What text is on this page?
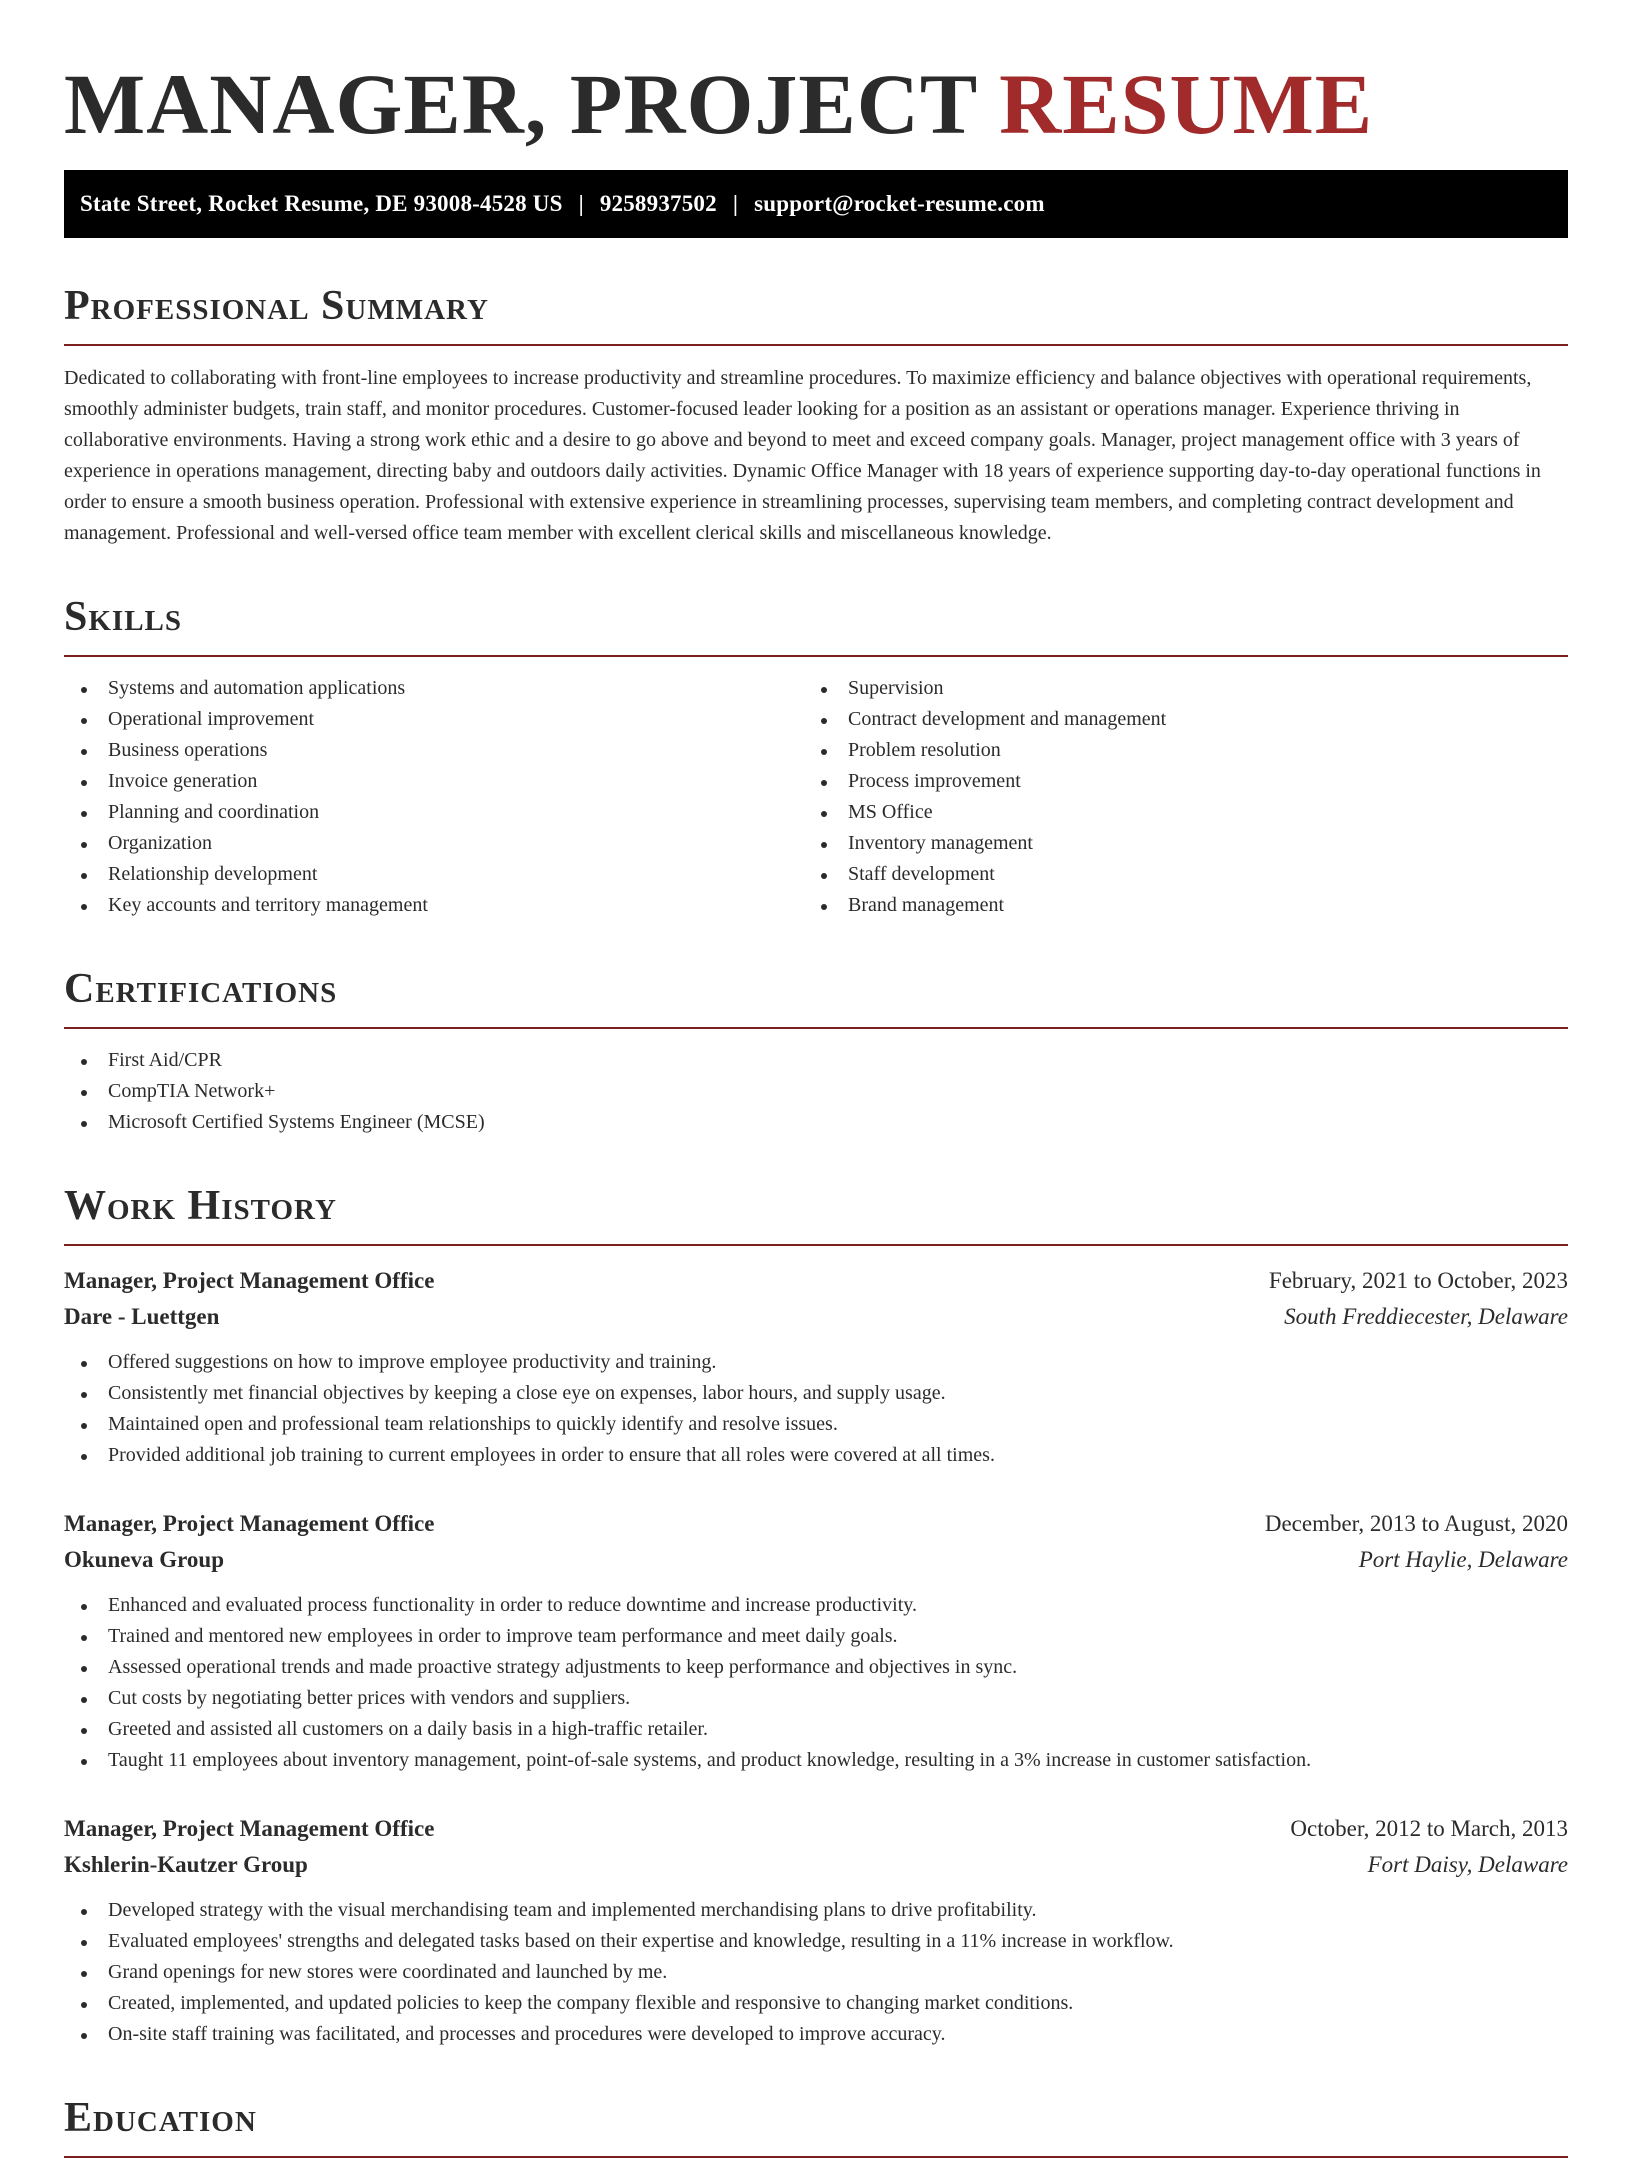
MANAGER, PROJECT RESUME
State Street, Rocket Resume, DE 93008-4528 US | 9258937502 | support@rocket-resume.com
Professional Summary

Dedicated to collaborating with front-line employees to increase productivity and streamline procedures. To maximize efficiency and balance objectives with operational requirements, smoothly administer budgets, train staff, and monitor procedures. Customer-focused leader looking for a position as an assistant or operations manager. Experience thriving in collaborative environments. Having a strong work ethic and a desire to go above and beyond to meet and exceed company goals. Manager, project management office with 3 years of experience in operations management, directing baby and outdoors daily activities. Dynamic Office Manager with 18 years of experience supporting day-to-day operational functions in order to ensure a smooth business operation. Professional with extensive experience in streamlining processes, supervising team members, and completing contract development and management. Professional and well-versed office team member with excellent clerical skills and miscellaneous knowledge.

Skills
Systems and automation applications
Operational improvement
Business operations
Invoice generation
Planning and coordination
Organization
Relationship development
Key accounts and territory management
Supervision
Contract development and management
Problem resolution
Process improvement
MS Office
Inventory management
Staff development
Brand management
Certifications
First Aid/CPR
CompTIA Network+
Microsoft Certified Systems Engineer (MCSE)
Work History
Manager, Project Management Office	February, 2021 to October, 2023
Dare - Luettgen	South Freddiecester, Delaware
Offered suggestions on how to improve employee productivity and training.
Consistently met financial objectives by keeping a close eye on expenses, labor hours, and supply usage.
Maintained open and professional team relationships to quickly identify and resolve issues.
Provided additional job training to current employees in order to ensure that all roles were covered at all times.
Manager, Project Management Office	December, 2013 to August, 2020
Okuneva Group	Port Haylie, Delaware
Enhanced and evaluated process functionality in order to reduce downtime and increase productivity.
Trained and mentored new employees in order to improve team performance and meet daily goals.
Assessed operational trends and made proactive strategy adjustments to keep performance and objectives in sync.
Cut costs by negotiating better prices with vendors and suppliers.
Greeted and assisted all customers on a daily basis in a high-traffic retailer.
Taught 11 employees about inventory management, point-of-sale systems, and product knowledge, resulting in a 3% increase in customer satisfaction.
Manager, Project Management Office	October, 2012 to March, 2013
Kshlerin-Kautzer Group	Fort Daisy, Delaware
Developed strategy with the visual merchandising team and implemented merchandising plans to drive profitability.
Evaluated employees' strengths and delegated tasks based on their expertise and knowledge, resulting in a 11% increase in workflow.
Grand openings for new stores were coordinated and launched by me.
Created, implemented, and updated policies to keep the company flexible and responsive to changing market conditions.
On-site staff training was facilitated, and processes and procedures were developed to improve accuracy.
Education
